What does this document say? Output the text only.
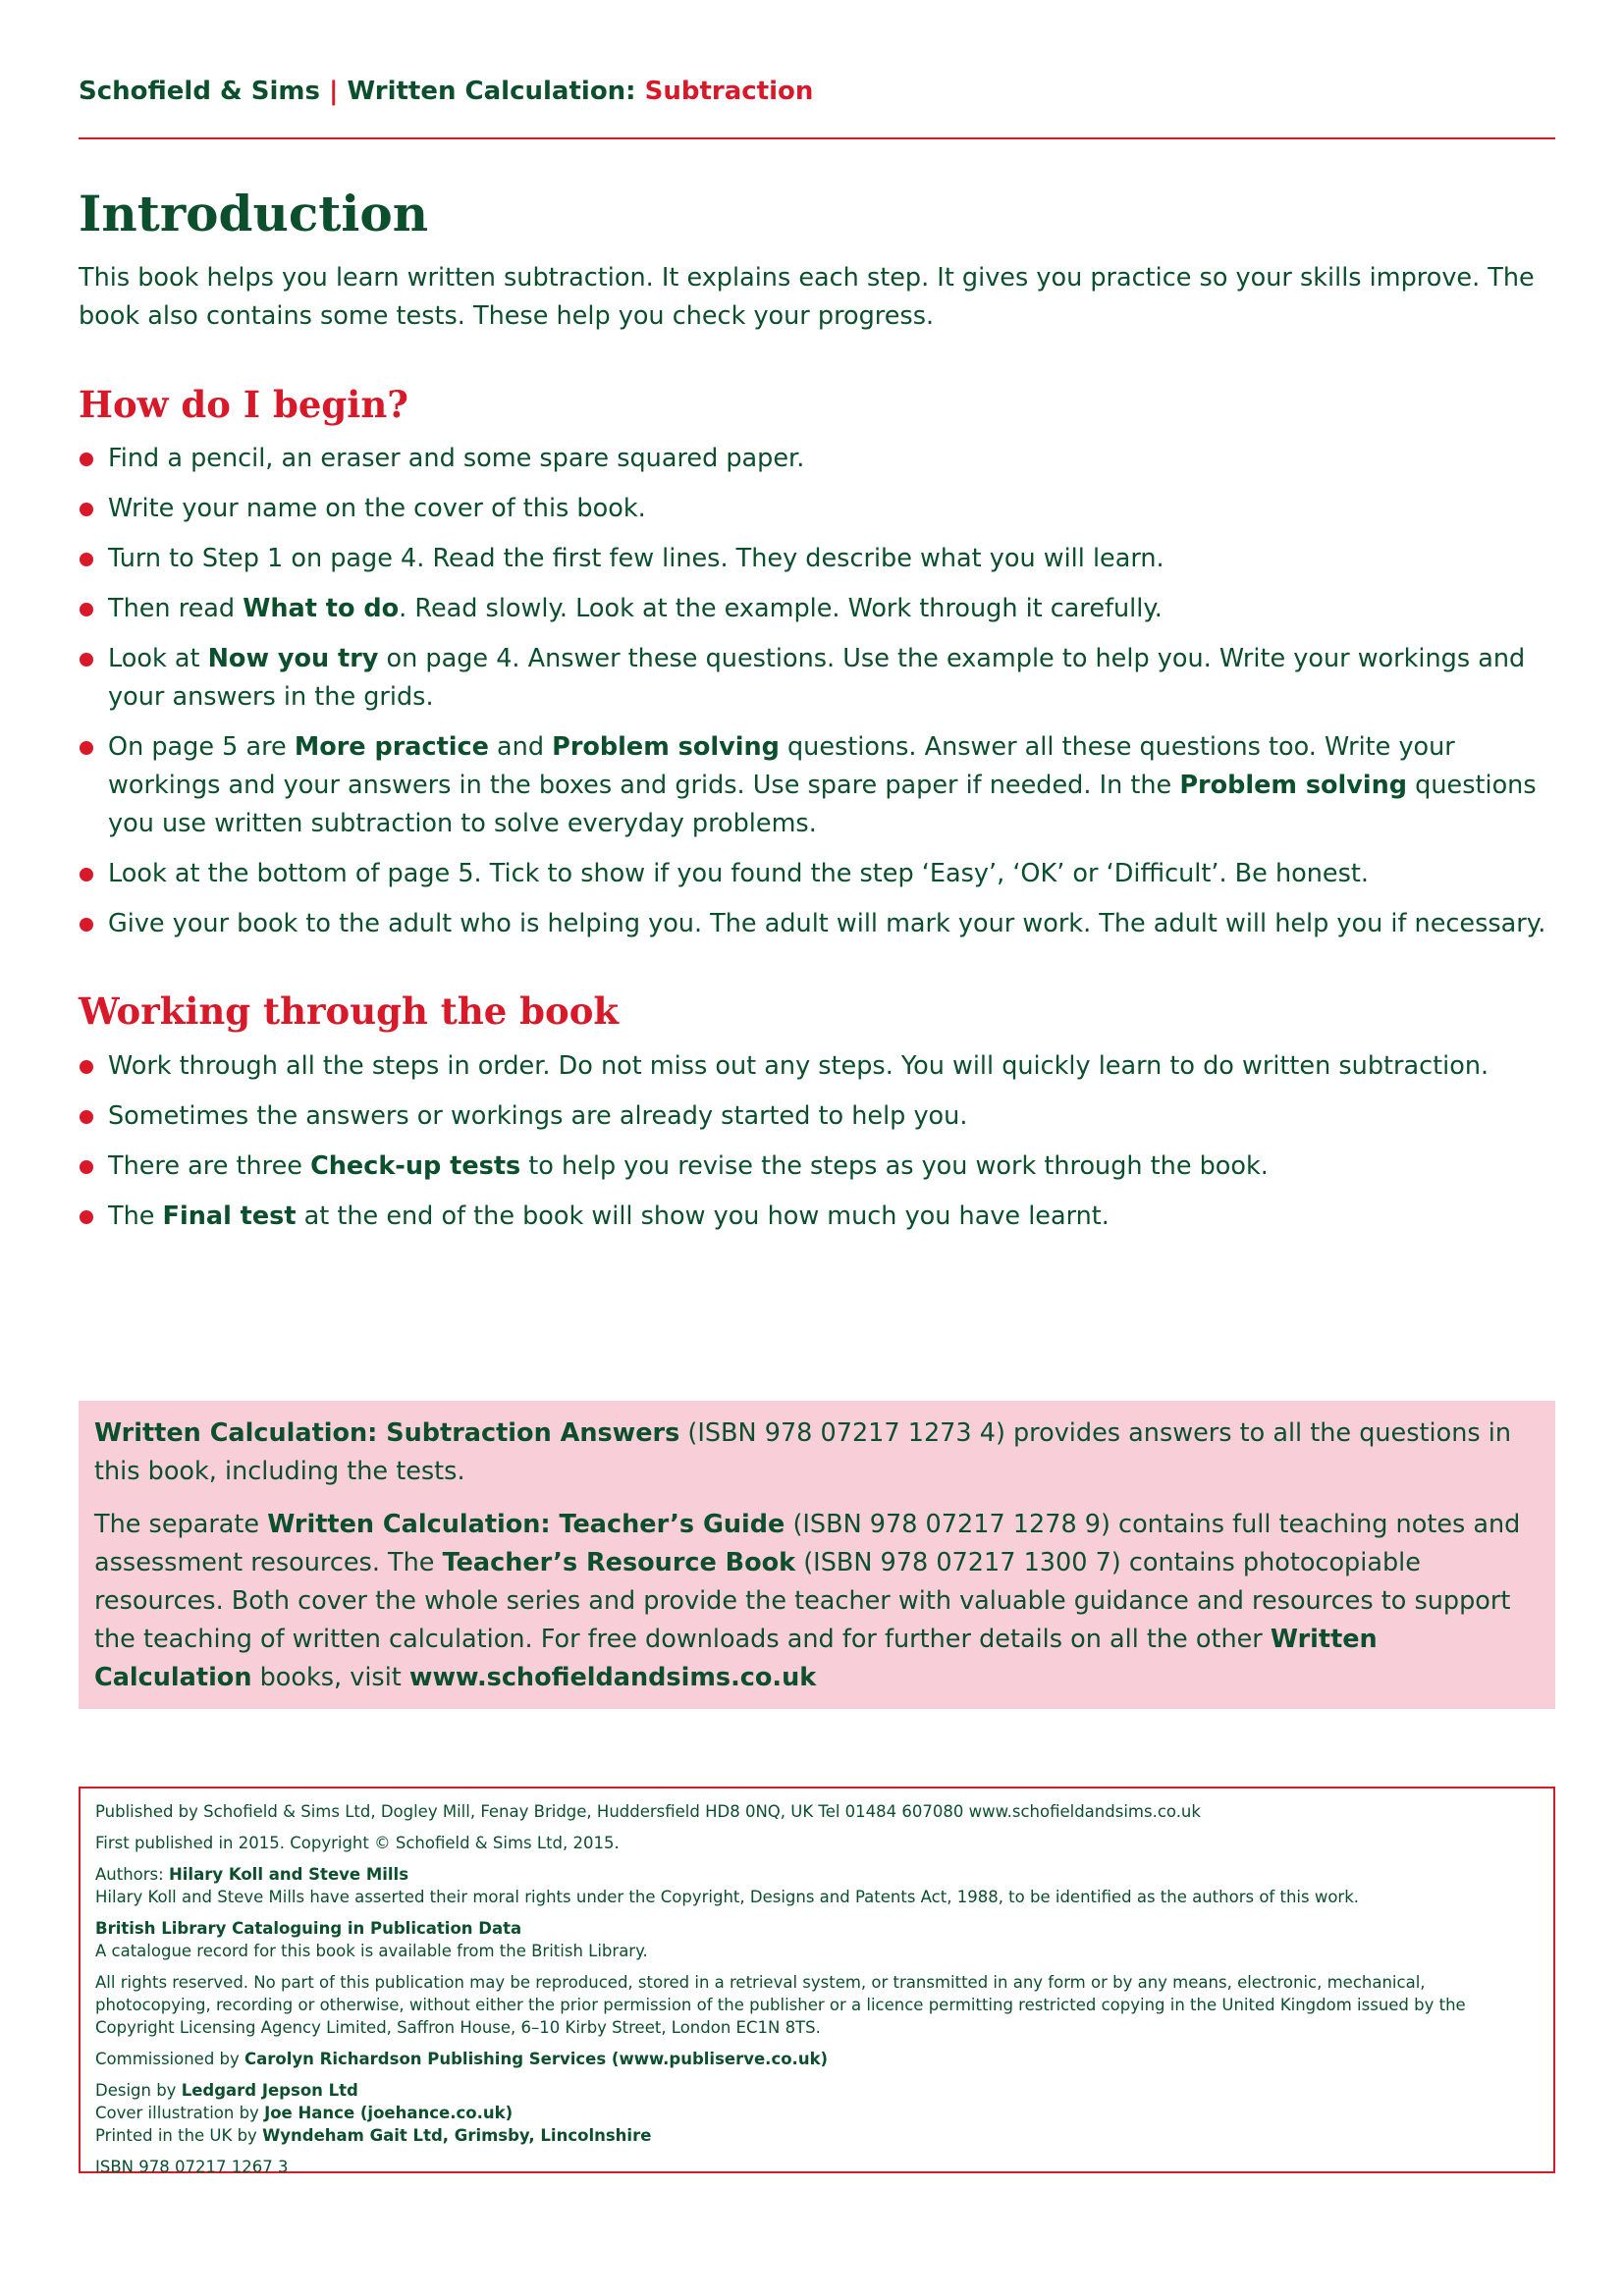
Schofield & Sims | Written Calculation: Subtraction
Introduction

This book helps you learn written subtraction. It explains each step. It gives you practice so your skills improve. The book also contains some tests. These help you check your progress.

How do I begin?
Find a pencil, an eraser and some spare squared paper.
Write your name on the cover of this book.
Turn to Step 1 on page 4. Read the first few lines. They describe what you will learn.
Then read What to do. Read slowly. Look at the example. Work through it carefully.
Look at Now you try on page 4. Answer these questions. Use the example to help you. Write your workings and your answers in the grids.
On page 5 are More practice and Problem solving questions. Answer all these questions too. Write your workings and your answers in the boxes and grids. Use spare paper if needed. In the Problem solving questions you use written subtraction to solve everyday problems.
Look at the bottom of page 5. Tick to show if you found the step ‘Easy’, ‘OK’ or ‘Difficult’. Be honest.
Give your book to the adult who is helping you. The adult will mark your work. The adult will help you if necessary.
Working through the book
Work through all the steps in order. Do not miss out any steps. You will quickly learn to do written subtraction.
Sometimes the answers or workings are already started to help you.
There are three Check-up tests to help you revise the steps as you work through the book.
The Final test at the end of the book will show you how much you have learnt.

Written Calculation: Subtraction Answers (ISBN 978 07217 1273 4) provides answers to all the questions in this book, including the tests.

The separate Written Calculation: Teacher’s Guide (ISBN 978 07217 1278 9) contains full teaching notes and assessment resources. The Teacher’s Resource Book (ISBN 978 07217 1300 7) contains photocopiable resources. Both cover the whole series and provide the teacher with valuable guidance and resources to support the teaching of written calculation. For free downloads and for further details on all the other Written Calculation books, visit www.schofieldandsims.co.uk

Published by Schofield & Sims Ltd, Dogley Mill, Fenay Bridge, Huddersfield HD8 0NQ, UK Tel 01484 607080 www.schofieldandsims.co.uk

First published in 2015. Copyright © Schofield & Sims Ltd, 2015.

Authors: Hilary Koll and Steve Mills
Hilary Koll and Steve Mills have asserted their moral rights under the Copyright, Designs and Patents Act, 1988, to be identified as the authors of this work.

British Library Cataloguing in Publication Data
A catalogue record for this book is available from the British Library.

All rights reserved. No part of this publication may be reproduced, stored in a retrieval system, or transmitted in any form or by any means, electronic, mechanical, photocopying, recording or otherwise, without either the prior permission of the publisher or a licence permitting restricted copying in the United Kingdom issued by the Copyright Licensing Agency Limited, Saffron House, 6–10 Kirby Street, London EC1N 8TS.

Commissioned by Carolyn Richardson Publishing Services (www.publiserve.co.uk)

Design by Ledgard Jepson Ltd
Cover illustration by Joe Hance (joehance.co.uk)
Printed in the UK by Wyndeham Gait Ltd, Grimsby, Lincolnshire

ISBN 978 07217 1267 3
